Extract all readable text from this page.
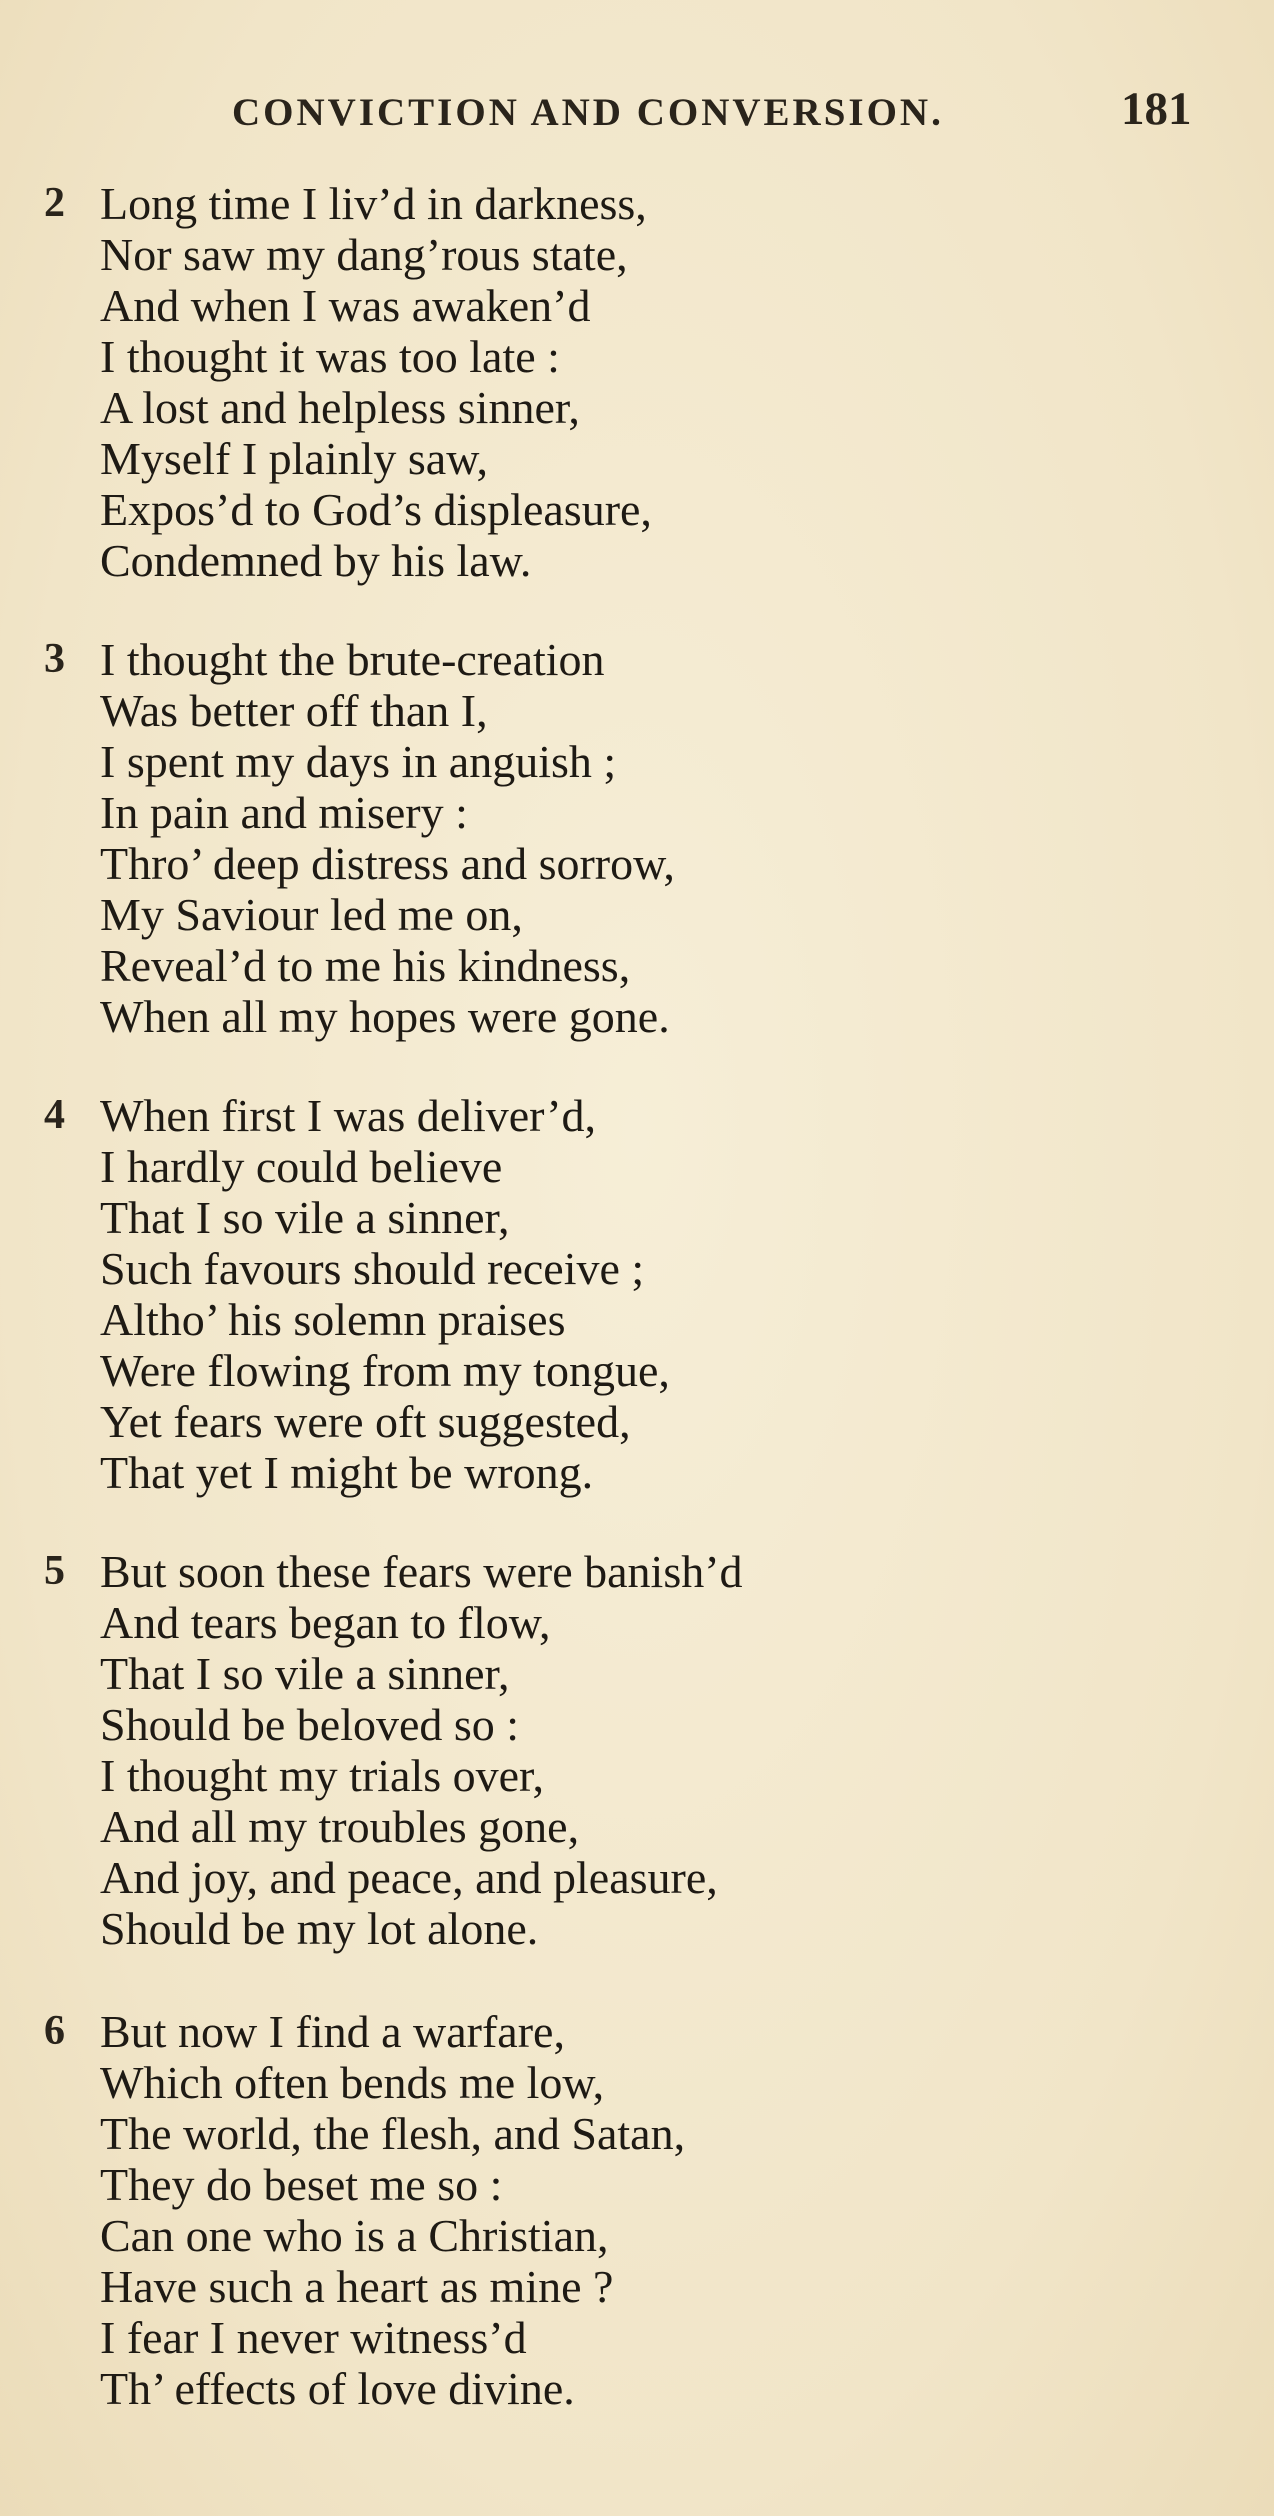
CONVICTION AND CONVERSION.	181
2 Long time I liv’d in darkness,
Nor saw my dang’rous state,
And when I was awaken’d
I thought it was too late :
A lost and helpless sinner,
Myself I plainly saw,
Expos’d to God’s displeasure,
Condemned by his law.
3 I thought the brute-creation
Was better off than I,
I spent my days in anguish ;
In pain and misery :
Thro’ deep distress and sorrow,
My Saviour led me on,
Reveal’d to me his kindness,
When all my hopes were gone.
4 When first I was deliver’d,
I hardly could believe
That I so vile a sinner,
Such favours should receive ;
Altho’ his solemn praises
Were flowing from my tongue,
Yet fears were oft suggested,
That yet I might be wrong.
5 But soon these fears were banish’d
And tears began to flow,
That I so vile a sinner,
Should be beloved so :
I thought my trials over,
And all my troubles gone,
And joy, and peace, and pleasure,
Should be my lot alone.
6 But now I find a warfare,
Which often bends me low,
The world, the flesh, and Satan,
They do beset me so :
Can one who is a Christian,
Have such a heart as mine ?
I fear I never witness’d
Th’ effects of love divine.
